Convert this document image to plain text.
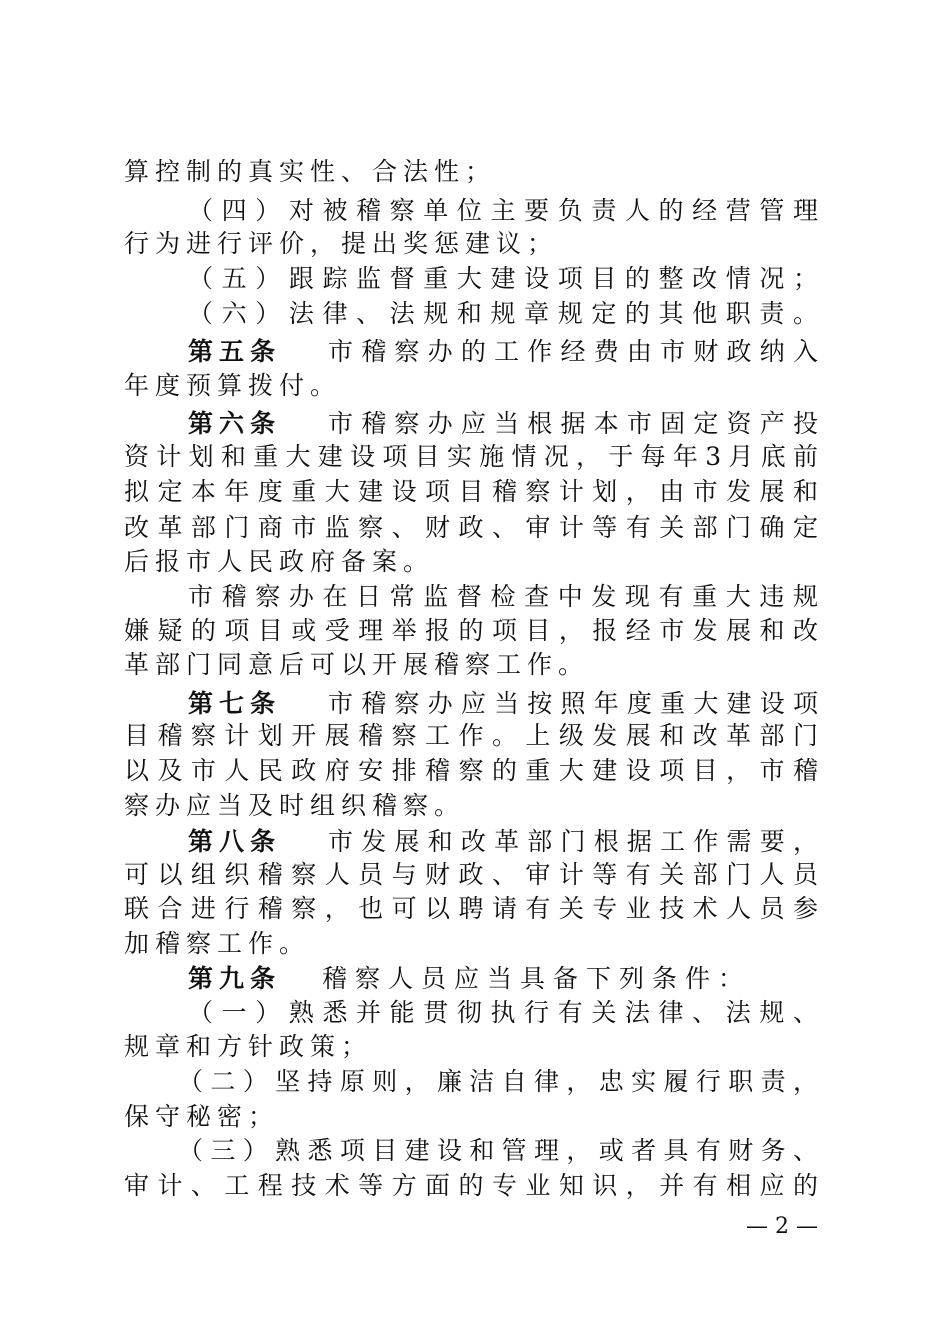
算控制的真实性、合法性；
（四）对被稽察单位主要负责人的经营管理
行为进行评价，提出奖惩建议；
（五）跟踪监督重大建设项目的整改情况；
（六）法律、法规和规章规定的其他职责。
第五条 市稽察办的工作经费由市财政纳入
年度预算拨付。
第六条 市稽察办应当根据本市固定资产投
资计划和重大建设项目实施情况，于每年3月底前
拟定本年度重大建设项目稽察计划，由市发展和
改革部门商市监察、财政、审计等有关部门确定
后报市人民政府备案。
市稽察办在日常监督检查中发现有重大违规
嫌疑的项目或受理举报的项目，报经市发展和改
革部门同意后可以开展稽察工作。
第七条 市稽察办应当按照年度重大建设项
目稽察计划开展稽察工作。上级发展和改革部门
以及市人民政府安排稽察的重大建设项目，市稽
察办应当及时组织稽察。
第八条 市发展和改革部门根据工作需要，
可以组织稽察人员与财政、审计等有关部门人员
联合进行稽察，也可以聘请有关专业技术人员参
加稽察工作。
第九条 稽察人员应当具备下列条件：
（一）熟悉并能贯彻执行有关法律、法规、
规章和方针政策；
（二）坚持原则，廉洁自律，忠实履行职责，
保守秘密；
（三）熟悉项目建设和管理，或者具有财务、
审计、工程技术等方面的专业知识，并有相应的
— 2 —
